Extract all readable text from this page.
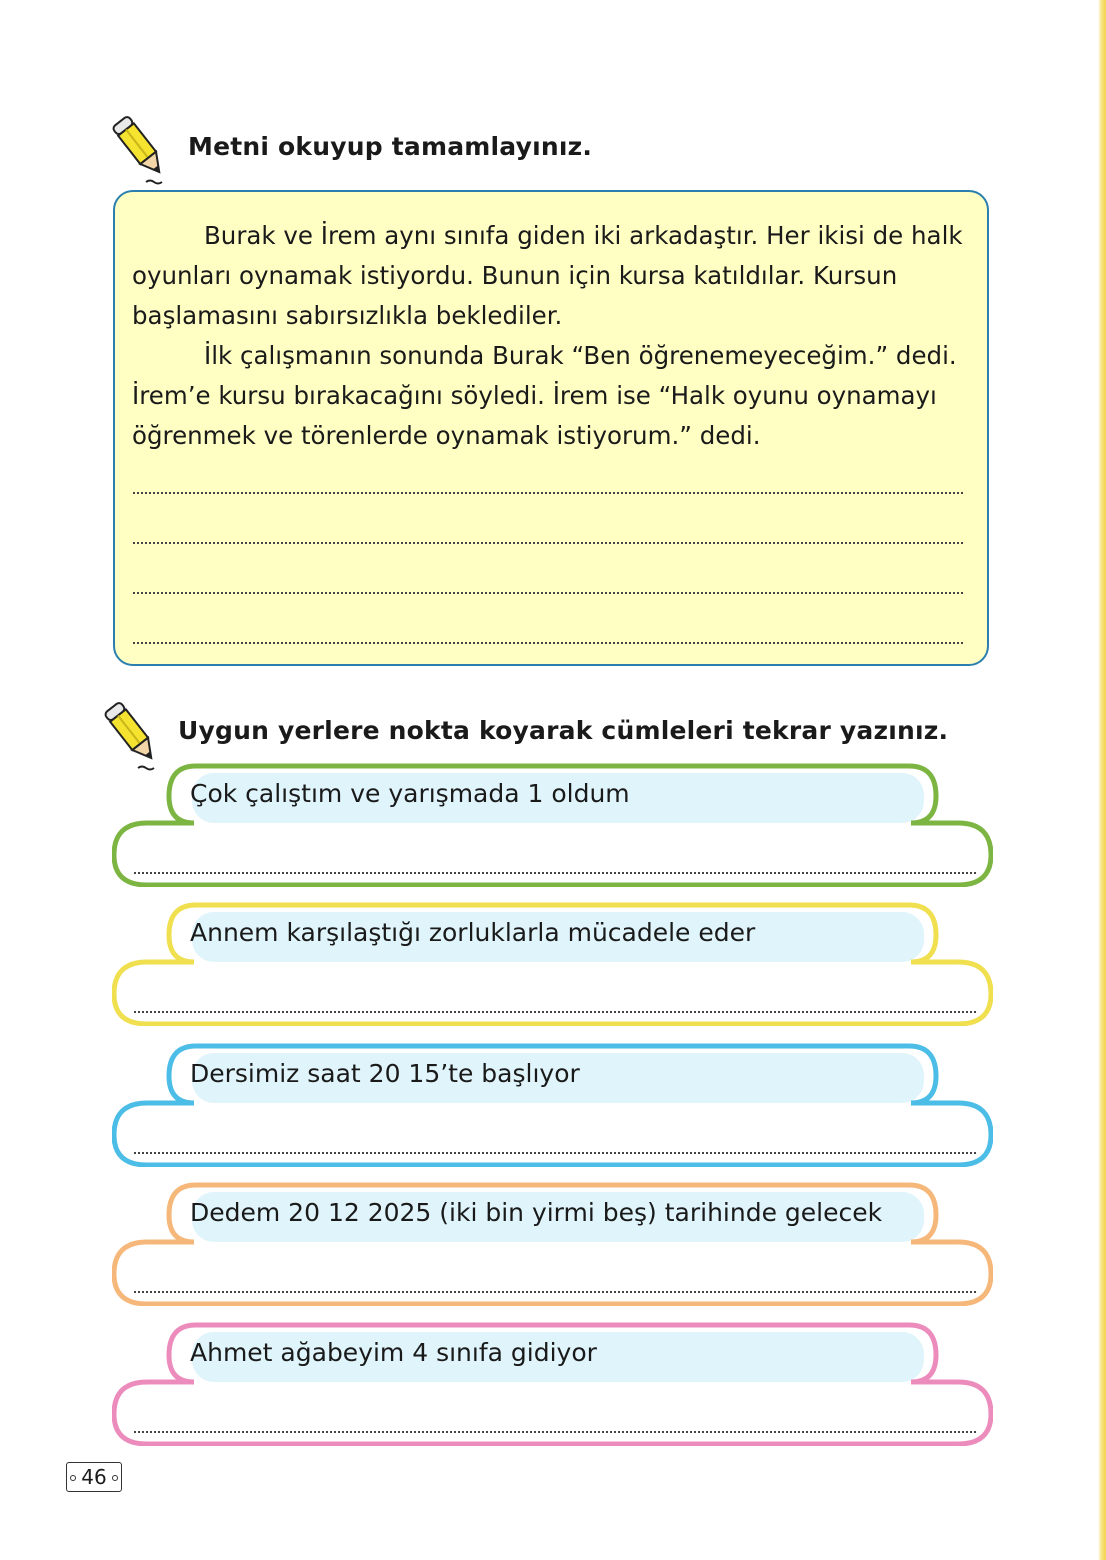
Metni okuyup tamamlayınız.

Burak ve İrem aynı sınıfa giden iki arkadaştır. Her ikisi de halk oyunları oynamak istiyordu. Bunun için kursa katıldılar. Kursun başlamasını sabırsızlıkla beklediler.

İlk çalışmanın sonunda Burak “Ben öğrenemeyeceğim.” dedi. İrem’e kursu bırakacağını söyledi. İrem ise “Halk oyunu oynamayı öğrenmek ve törenlerde oynamak istiyorum.” dedi.

Uygun yerlere nokta koyarak cümleleri tekrar yazınız.
Çok çalıştım ve yarışmada 1 oldum
Annem karşılaştığı zorluklarla mücadele eder
Dersimiz saat 20 15’te başlıyor
Dedem 20 12 2025 (iki bin yirmi beş) tarihinde gelecek
Ahmet ağabeyim 4 sınıfa gidiyor
46
